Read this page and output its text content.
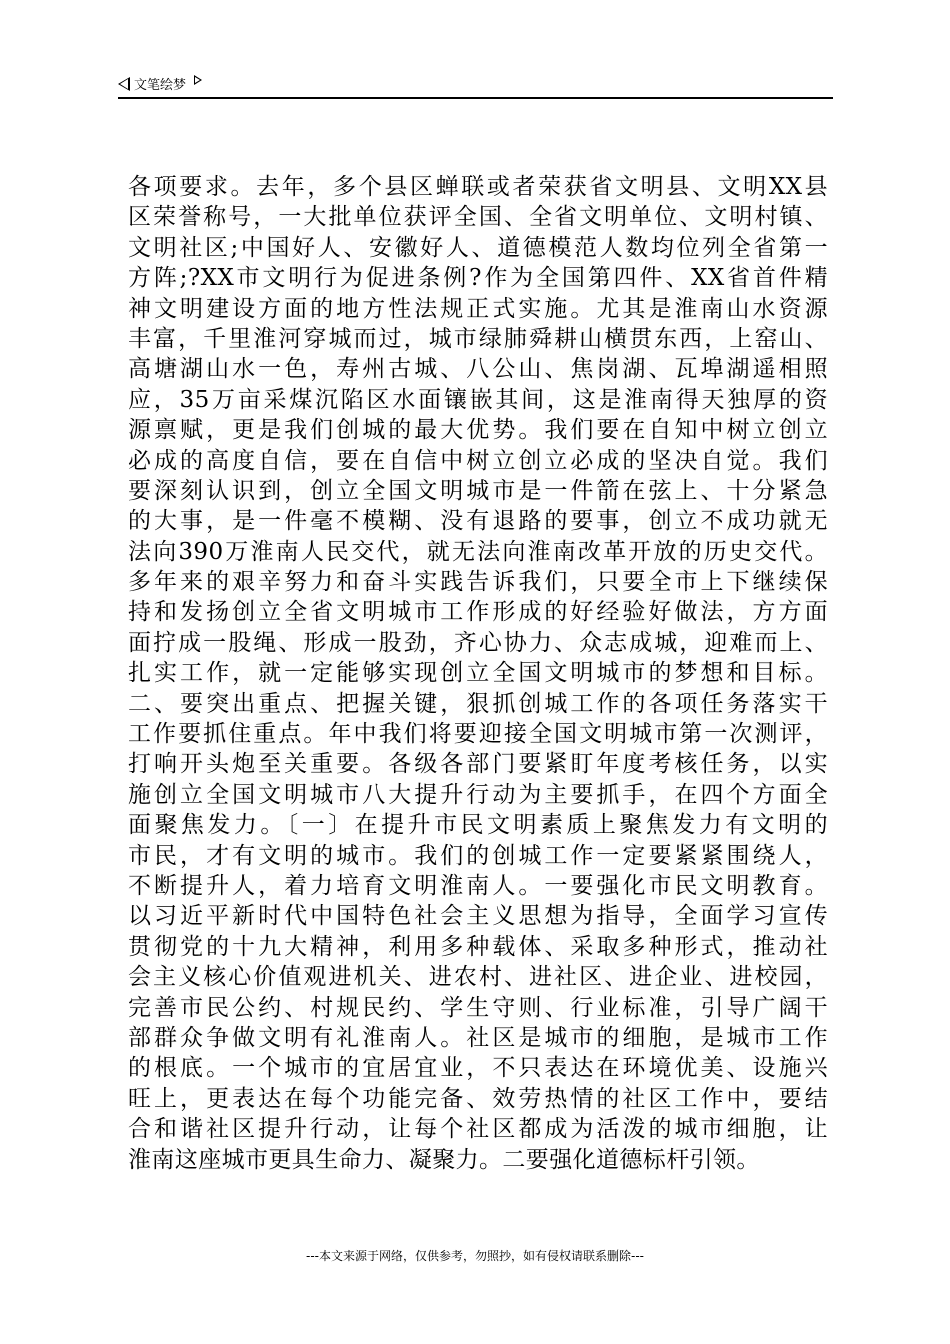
文笔绘梦
各项要求。去年，多个县区蝉联或者荣获省文明县、文明XX县
区荣誉称号，一大批单位获评全国、全省文明单位、文明村镇、
文明社区;中国好人、安徽好人、道德模范人数均位列全省第一
方阵;?XX市文明行为促进条例?作为全国第四件、XX省首件精
神文明建设方面的地方性法规正式实施。尤其是淮南山水资源
丰富，千里淮河穿城而过，城市绿肺舜耕山横贯东西，上窑山、
高塘湖山水一色，寿州古城、八公山、焦岗湖、瓦埠湖遥相照
应，35万亩采煤沉陷区水面镶嵌其间，这是淮南得天独厚的资
源禀赋，更是我们创城的最大优势。我们要在自知中树立创立
必成的高度自信，要在自信中树立创立必成的坚决自觉。我们
要深刻认识到，创立全国文明城市是一件箭在弦上、十分紧急
的大事，是一件毫不模糊、没有退路的要事，创立不成功就无
法向390万淮南人民交代，就无法向淮南改革开放的历史交代。
多年来的艰辛努力和奋斗实践告诉我们，只要全市上下继续保
持和发扬创立全省文明城市工作形成的好经验好做法，方方面
面拧成一股绳、形成一股劲，齐心协力、众志成城，迎难而上、
扎实工作，就一定能够实现创立全国文明城市的梦想和目标。
二、要突出重点、把握关键，狠抓创城工作的各项任务落实干
工作要抓住重点。年中我们将要迎接全国文明城市第一次测评，
打响开头炮至关重要。各级各部门要紧盯年度考核任务，以实
施创立全国文明城市八大提升行动为主要抓手，在四个方面全
面聚焦发力。〔一〕在提升市民文明素质上聚焦发力有文明的
市民，才有文明的城市。我们的创城工作一定要紧紧围绕人，
不断提升人，着力培育文明淮南人。一要强化市民文明教育。
以习近平新时代中国特色社会主义思想为指导，全面学习宣传
贯彻党的十九大精神，利用多种载体、采取多种形式，推动社
会主义核心价值观进机关、进农村、进社区、进企业、进校园，
完善市民公约、村规民约、学生守则、行业标准，引导广阔干
部群众争做文明有礼淮南人。社区是城市的细胞，是城市工作
的根底。一个城市的宜居宜业，不只表达在环境优美、设施兴
旺上，更表达在每个功能完备、效劳热情的社区工作中，要结
合和谐社区提升行动，让每个社区都成为活泼的城市细胞，让
淮南这座城市更具生命力、凝聚力。二要强化道德标杆引领。
---本文来源于网络，仅供参考，勿照抄，如有侵权请联系删除---
